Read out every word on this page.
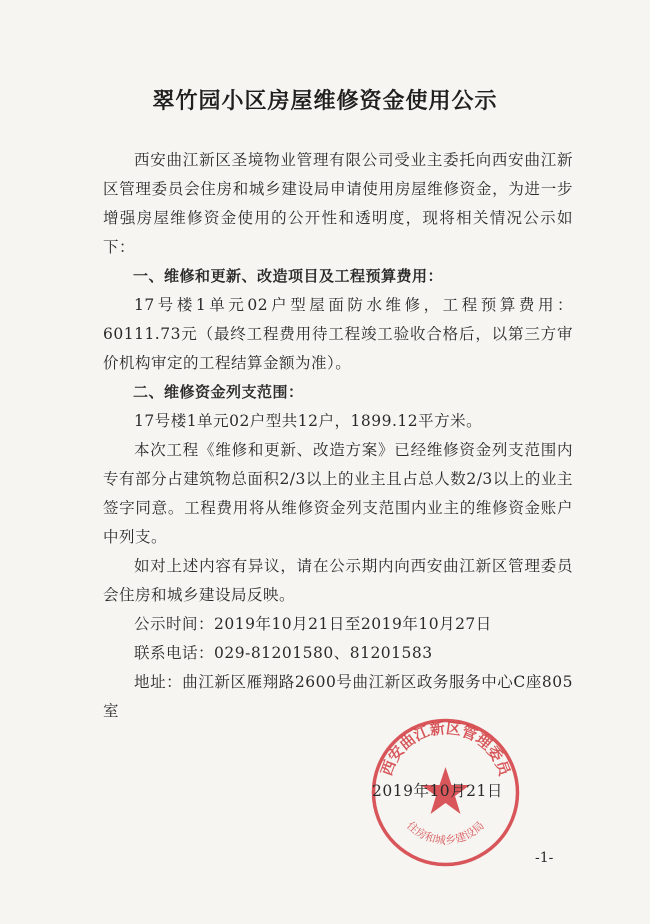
翠竹园小区房屋维修资金使用公示
西安曲江新区圣境物业管理有限公司受业主委托向西安曲江新区管理委员会住房和城乡建设局申请使用房屋维修资金，为进一步增强房屋维修资金使用的公开性和透明度，现将相关情况公示如下：
一、维修和更新、改造项目及工程预算费用：
17号楼1单元02户型屋面防水维修，工程预算费用：60111.73元（最终工程费用待工程竣工验收合格后，以第三方审价机构审定的工程结算金额为准）。
二、维修资金列支范围：
17号楼1单元02户型共12户，1899.12平方米。
本次工程《维修和更新、改造方案》已经维修资金列支范围内专有部分占建筑物总面积2/3以上的业主且占总人数2/3以上的业主签字同意。工程费用将从维修资金列支范围内业主的维修资金账户中列支。
如对上述内容有异议，请在公示期内向西安曲江新区管理委员会住房和城乡建设局反映。
公示时间：2019年10月21日至2019年10月27日
联系电话：029-81201580、81201583
地址：曲江新区雁翔路2600号曲江新区政务服务中心C座805室
西安曲江新区管理委员
住房和城乡建设局
2019年10月21日
-1-
